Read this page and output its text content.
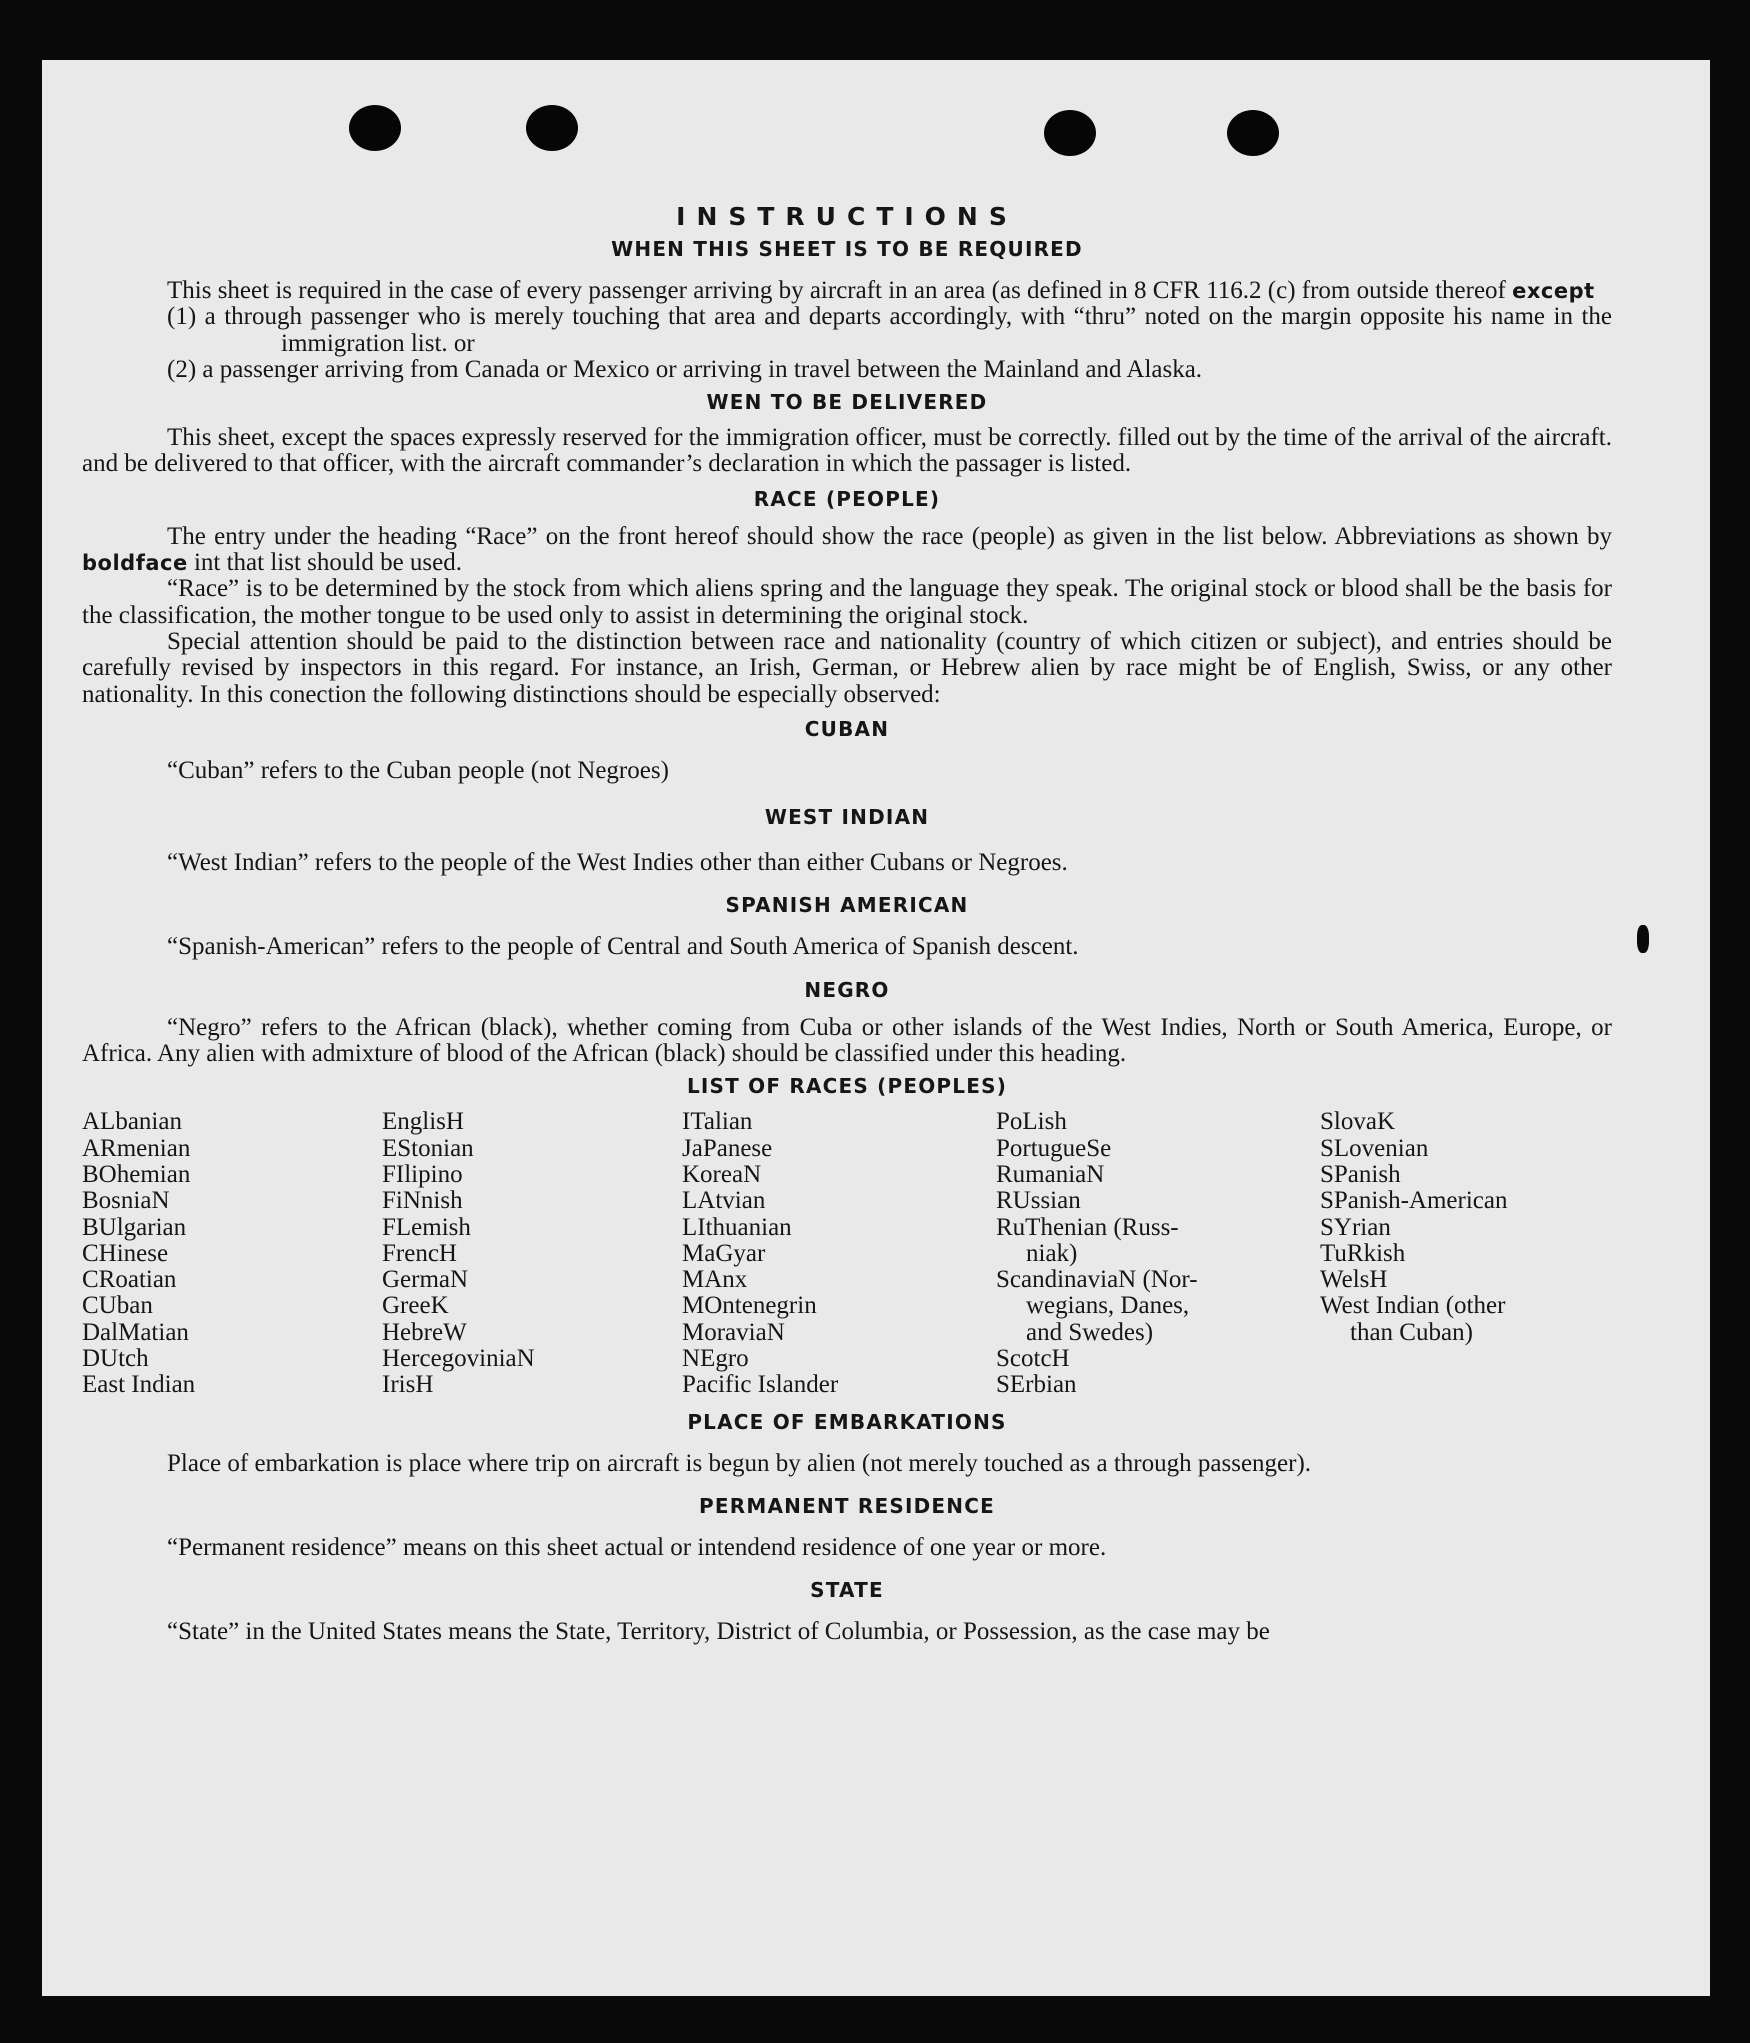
INSTRUCTIONS
WHEN THIS SHEET IS TO BE REQUIRED

This sheet is required in the case of every passenger arriving by aircraft in an area (as defined in 8 CFR 116.2 (c) from outside thereof except

(1) a through passenger who is merely touching that area and departs accordingly, with “thru” noted on the margin opposite his name in the immigration list. or

(2) a passenger arriving from Canada or Mexico or arriving in travel between the Mainland and Alaska.

WEN TO BE DELIVERED

This sheet, except the spaces expressly reserved for the immigration officer, must be correctly. filled out by the time of the arrival of the aircraft. and be delivered to that officer, with the aircraft commander’s declaration in which the passager is listed.

RACE (PEOPLE)

The entry under the heading “Race” on the front hereof should show the race (people) as given in the list below. Abbreviations as shown by boldface int that list should be used.

“Race” is to be determined by the stock from which aliens spring and the language they speak. The original stock or blood shall be the basis for the classification, the mother tongue to be used only to assist in determining the original stock.

Special attention should be paid to the distinction between race and nationality (country of which citizen or subject), and entries should be carefully revised by inspectors in this regard. For instance, an Irish, German, or Hebrew alien by race might be of English, Swiss, or any other nationality. In this conection the following distinctions should be especially observed:

CUBAN

“Cuban” refers to the Cuban people (not Negroes)

WEST INDIAN

“West Indian” refers to the people of the West Indies other than either Cubans or Negroes.

SPANISH AMERICAN

“Spanish-American” refers to the people of Central and South America of Spanish descent.

NEGRO

“Negro” refers to the African (black), whether coming from Cuba or other islands of the West Indies, North or South America, Europe, or Africa. Any alien with admixture of blood of the African (black) should be classified under this heading.

LIST OF RACES (PEOPLES)
ALbanian
ARmenian
BOhemian
BosniaN
BUlgarian
CHinese
CRoatian
CUban
DalMatian
DUtch
East Indian
EnglisH
EStonian
FIlipino
FiNnish
FLemish
FrencH
GermaN
GreeK
HebreW
HercegoviniaN
IrisH
ITalian
JaPanese
KoreaN
LAtvian
LIthuanian
MaGyar
MAnx
MOntenegrin
MoraviaN
NEgro
Pacific Islander
PoLish
PortugueSe
RumaniaN
RUssian
RuThenian (Russ-
niak)
ScandinaviaN (Nor-
wegians, Danes,
and Swedes)
ScotcH
SErbian
SlovaK
SLovenian
SPanish
SPanish-American
SYrian
TuRkish
WelsH
West Indian (other
than Cuban)
PLACE OF EMBARKATIONS

Place of embarkation is place where trip on aircraft is begun by alien (not merely touched as a through passenger).

PERMANENT RESIDENCE

“Permanent residence” means on this sheet actual or intendend residence of one year or more.

STATE

“State” in the United States means the State, Territory, District of Columbia, or Possession, as the case may be
